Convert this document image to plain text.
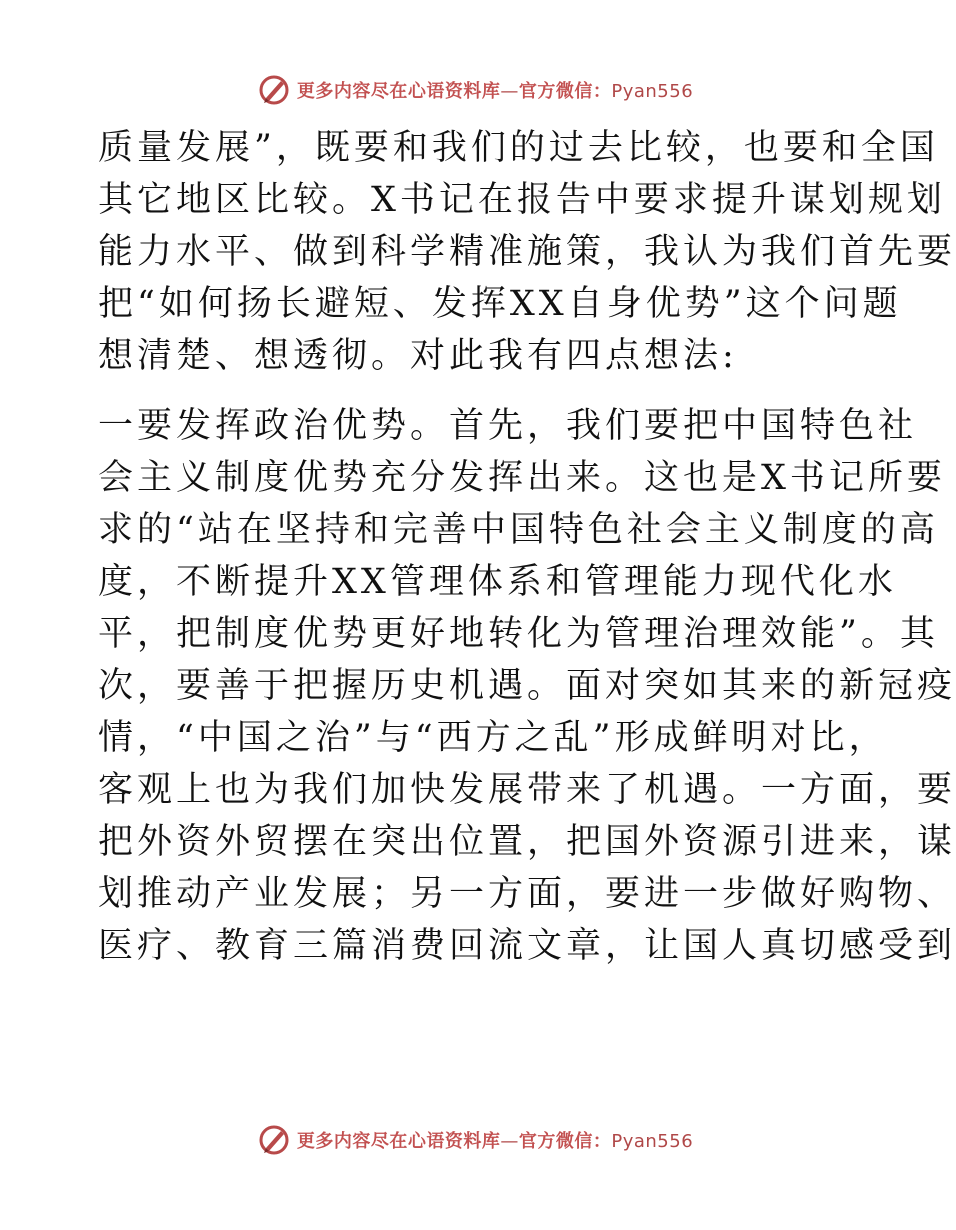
更多内容尽在心语资料库—官方微信：Pyan556
质量发展”，既要和我们的过去比较，也要和全国
其它地区比较。X书记在报告中要求提升谋划规划
能力水平、做到科学精准施策，我认为我们首先要
把“如何扬长避短、发挥XX自身优势”这个问题
想清楚、想透彻。对此我有四点想法:
一要发挥政治优势。首先，我们要把中国特色社
会主义制度优势充分发挥出来。这也是X书记所要
求的“站在坚持和完善中国特色社会主义制度的高
度，不断提升XX管理体系和管理能力现代化水
平，把制度优势更好地转化为管理治理效能”。其
次，要善于把握历史机遇。面对突如其来的新冠疫
情，“中国之治”与“西方之乱”形成鲜明对比，
客观上也为我们加快发展带来了机遇。一方面，要
把外资外贸摆在突出位置，把国外资源引进来，谋
划推动产业发展；另一方面，要进一步做好购物、
医疗、教育三篇消费回流文章，让国人真切感受到
更多内容尽在心语资料库—官方微信：Pyan556
